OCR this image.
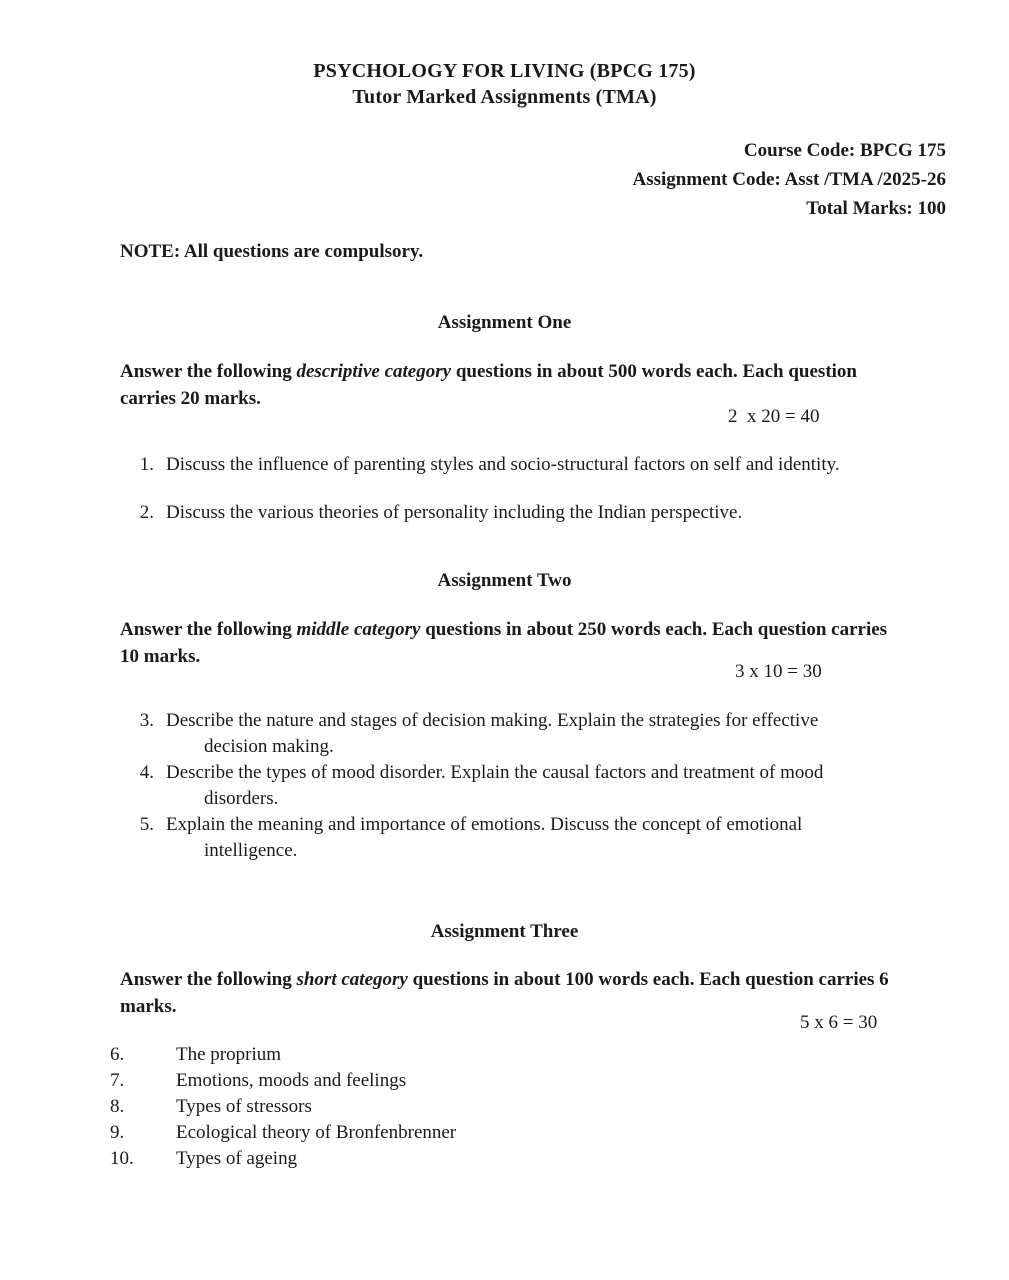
PSYCHOLOGY FOR LIVING (BPCG 175)
Tutor Marked Assignments (TMA)
Course Code: BPCG 175
Assignment Code: Asst /TMA /2025-26
Total Marks: 100
NOTE: All questions are compulsory.
Assignment One
Answer the following descriptive category questions in about 500 words each. Each question carries 20 marks.
2  x 20 = 40
1. Discuss the influence of parenting styles and socio-structural factors on self and identity.
2. Discuss the various theories of personality including the Indian perspective.
Assignment Two
Answer the following middle category questions in about 250 words each. Each question carries 10 marks.
3 x 10 = 30
3. Describe the nature and stages of decision making. Explain the strategies for effective
decision making.
4. Describe the types of mood disorder. Explain the causal factors and treatment of mood
disorders.
5. Explain the meaning and importance of emotions. Discuss the concept of emotional
intelligence.
Assignment Three
Answer the following short category questions in about 100 words each. Each question carries 6 marks.
5 x 6 = 30
6.	The proprium
7.	Emotions, moods and feelings
8.	Types of stressors
9.	Ecological theory of Bronfenbrenner
10.	Types of ageing
